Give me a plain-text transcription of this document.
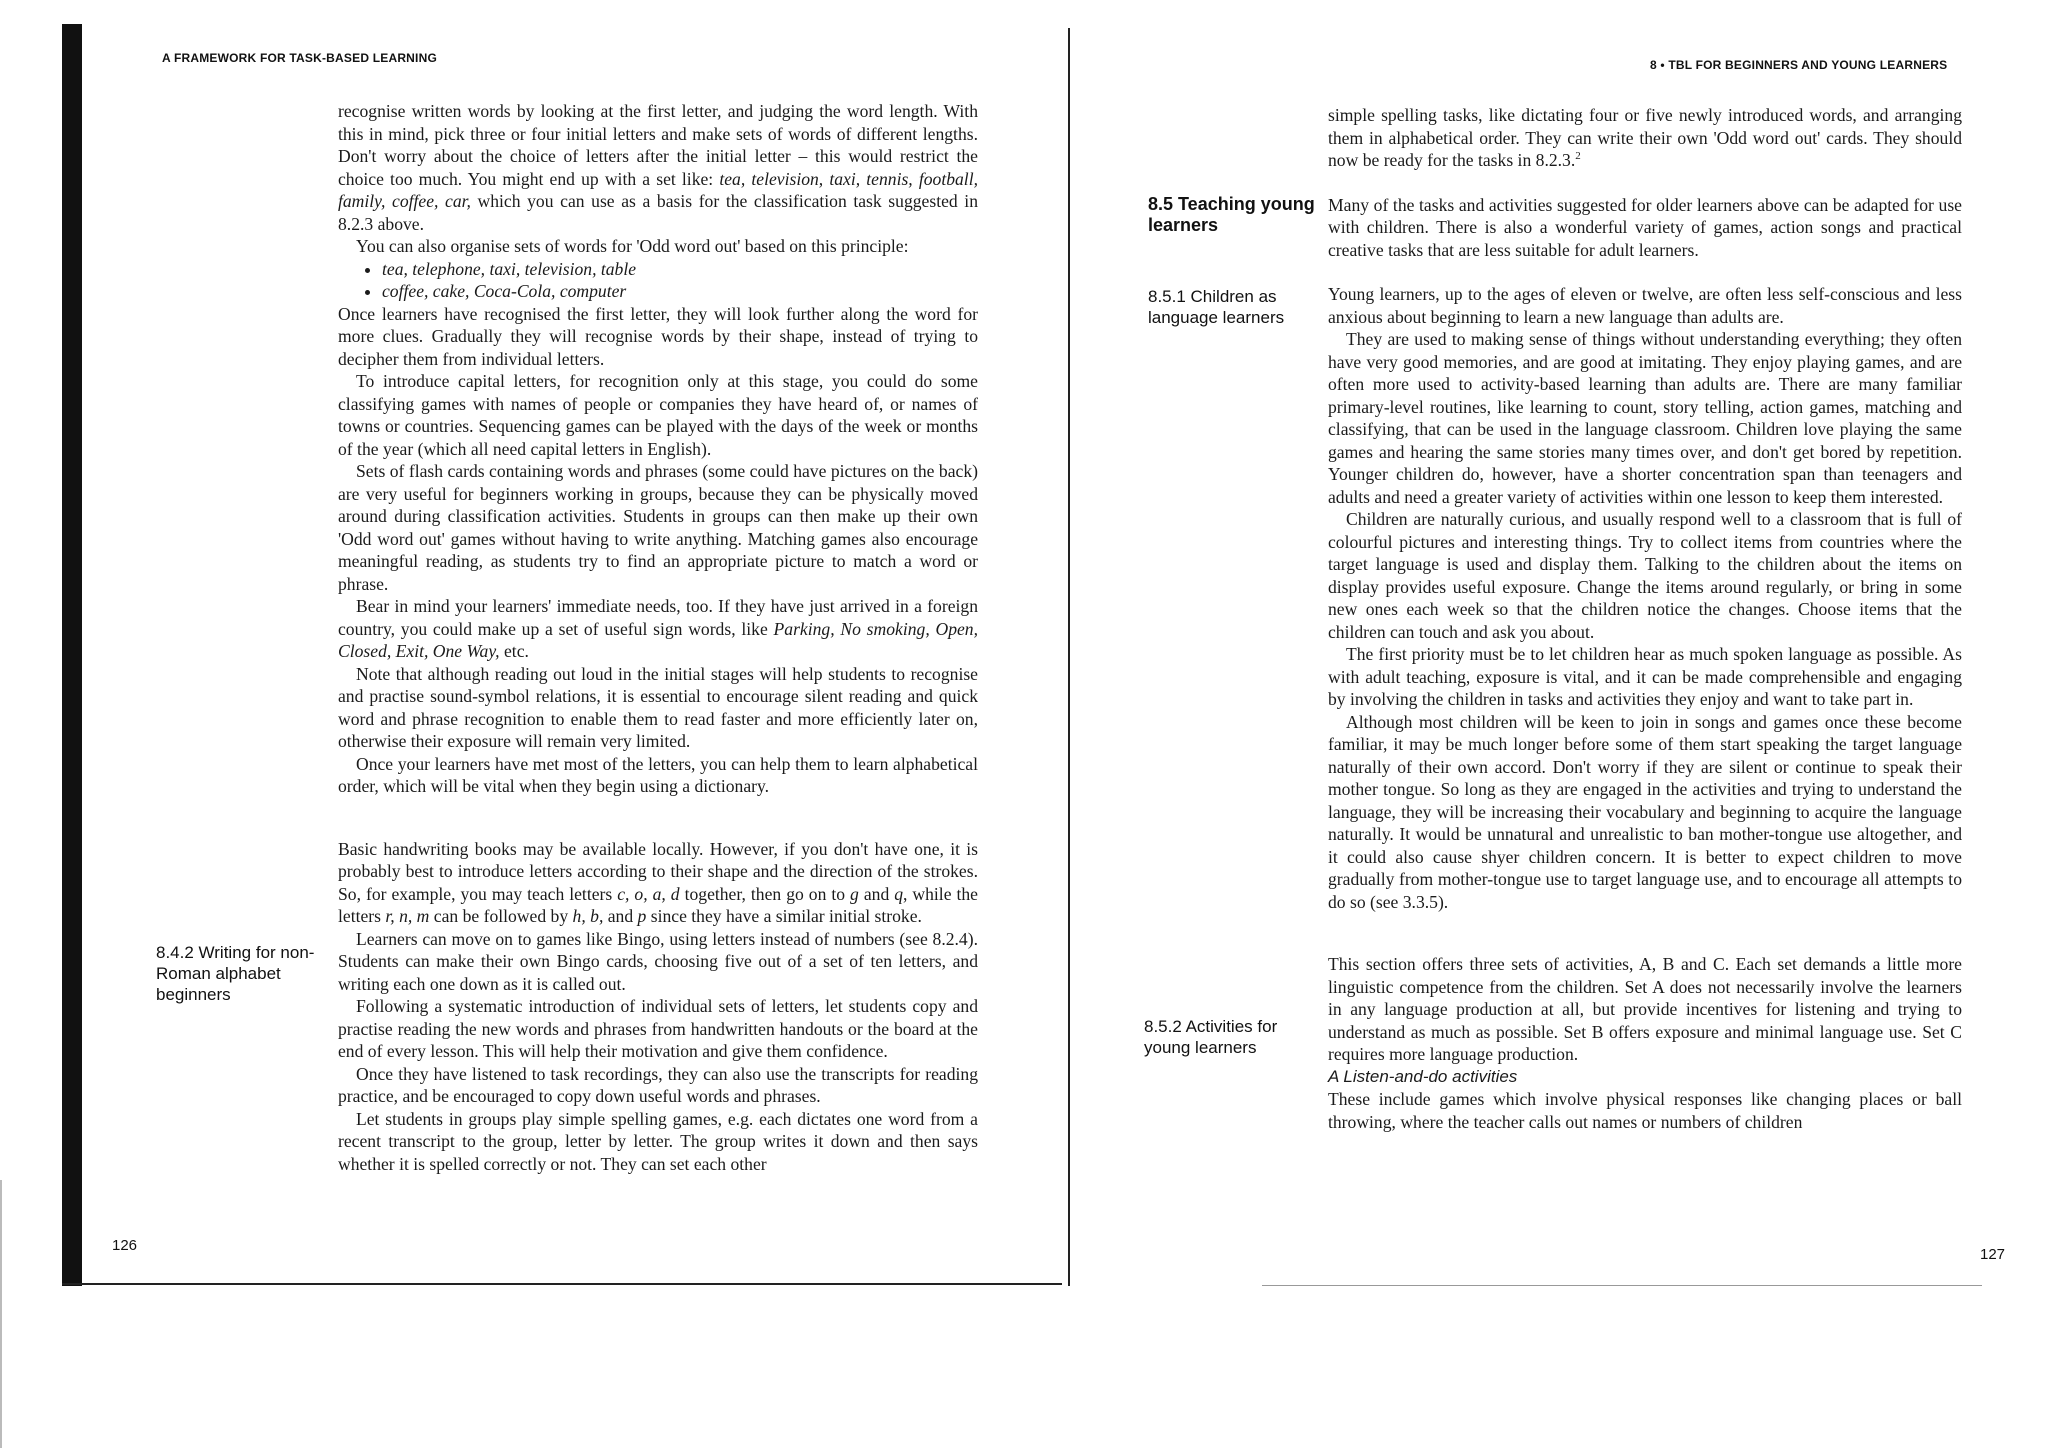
A FRAMEWORK FOR TASK-BASED LEARNING
126
8.4.2 Writing for non-Roman alphabet beginners

recognise written words by looking at the first letter, and judging the word length. With this in mind, pick three or four initial letters and make sets of words of different lengths. Don't worry about the choice of letters after the initial letter – this would restrict the choice too much. You might end up with a set like: tea, television, taxi, tennis, football, family, coffee, car, which you can use as a basis for the classification task suggested in 8.2.3 above.

You can also organise sets of words for 'Odd word out' based on this principle:

• tea, telephone, taxi, television, table
• coffee, cake, Coca-Cola, computer

Once learners have recognised the first letter, they will look further along the word for more clues. Gradually they will recognise words by their shape, instead of trying to decipher them from individual letters.

To introduce capital letters, for recognition only at this stage, you could do some classifying games with names of people or companies they have heard of, or names of towns or countries. Sequencing games can be played with the days of the week or months of the year (which all need capital letters in English).

Sets of flash cards containing words and phrases (some could have pictures on the back) are very useful for beginners working in groups, because they can be physically moved around during classification activities. Students in groups can then make up their own 'Odd word out' games without having to write anything. Matching games also encourage meaningful reading, as students try to find an appropriate picture to match a word or phrase.

Bear in mind your learners' immediate needs, too. If they have just arrived in a foreign country, you could make up a set of useful sign words, like Parking, No smoking, Open, Closed, Exit, One Way, etc.

Note that although reading out loud in the initial stages will help students to recognise and practise sound-symbol relations, it is essential to encourage silent reading and quick word and phrase recognition to enable them to read faster and more efficiently later on, otherwise their exposure will remain very limited.

Once your learners have met most of the letters, you can help them to learn alphabetical order, which will be vital when they begin using a dictionary.

Basic handwriting books may be available locally. However, if you don't have one, it is probably best to introduce letters according to their shape and the direction of the strokes. So, for example, you may teach letters c, o, a, d together, then go on to g and q, while the letters r, n, m can be followed by h, b, and p since they have a similar initial stroke.

Learners can move on to games like Bingo, using letters instead of numbers (see 8.2.4). Students can make their own Bingo cards, choosing five out of a set of ten letters, and writing each one down as it is called out.

Following a systematic introduction of individual sets of letters, let students copy and practise reading the new words and phrases from handwritten handouts or the board at the end of every lesson. This will help their motivation and give them confidence.

Once they have listened to task recordings, they can also use the transcripts for reading practice, and be encouraged to copy down useful words and phrases.

Let students in groups play simple spelling games, e.g. each dictates one word from a recent transcript to the group, letter by letter. The group writes it down and then says whether it is spelled correctly or not. They can set each other

8 • TBL FOR BEGINNERS AND YOUNG LEARNERS
127
8.5 Teaching young learners
8.5.1 Children as language learners
8.5.2 Activities for young learners

simple spelling tasks, like dictating four or five newly introduced words, and arranging them in alphabetical order. They can write their own 'Odd word out' cards. They should now be ready for the tasks in 8.2.3.$^2$

Many of the tasks and activities suggested for older learners above can be adapted for use with children. There is also a wonderful variety of games, action songs and practical creative tasks that are less suitable for adult learners.

Young learners, up to the ages of eleven or twelve, are often less self-conscious and less anxious about beginning to learn a new language than adults are.

They are used to making sense of things without understanding everything; they often have very good memories, and are good at imitating. They enjoy playing games, and are often more used to activity-based learning than adults are. There are many familiar primary-level routines, like learning to count, story telling, action games, matching and classifying, that can be used in the language classroom. Children love playing the same games and hearing the same stories many times over, and don't get bored by repetition. Younger children do, however, have a shorter concentration span than teenagers and adults and need a greater variety of activities within one lesson to keep them interested.

Children are naturally curious, and usually respond well to a classroom that is full of colourful pictures and interesting things. Try to collect items from countries where the target language is used and display them. Talking to the children about the items on display provides useful exposure. Change the items around regularly, or bring in some new ones each week so that the children notice the changes. Choose items that the children can touch and ask you about.

The first priority must be to let children hear as much spoken language as possible. As with adult teaching, exposure is vital, and it can be made comprehensible and engaging by involving the children in tasks and activities they enjoy and want to take part in.

Although most children will be keen to join in songs and games once these become familiar, it may be much longer before some of them start speaking the target language naturally of their own accord. Don't worry if they are silent or continue to speak their mother tongue. So long as they are engaged in the activities and trying to understand the language, they will be increasing their vocabulary and beginning to acquire the language naturally. It would be unnatural and unrealistic to ban mother-tongue use altogether, and it could also cause shyer children concern. It is better to expect children to move gradually from mother-tongue use to target language use, and to encourage all attempts to do so (see 3.3.5).

This section offers three sets of activities, A, B and C. Each set demands a little more linguistic competence from the children. Set A does not necessarily involve the learners in any language production at all, but provide incentives for listening and trying to understand as much as possible. Set B offers exposure and minimal language use. Set C requires more language production.

A Listen-and-do activities

These include games which involve physical responses like changing places or ball throwing, where the teacher calls out names or numbers of children
